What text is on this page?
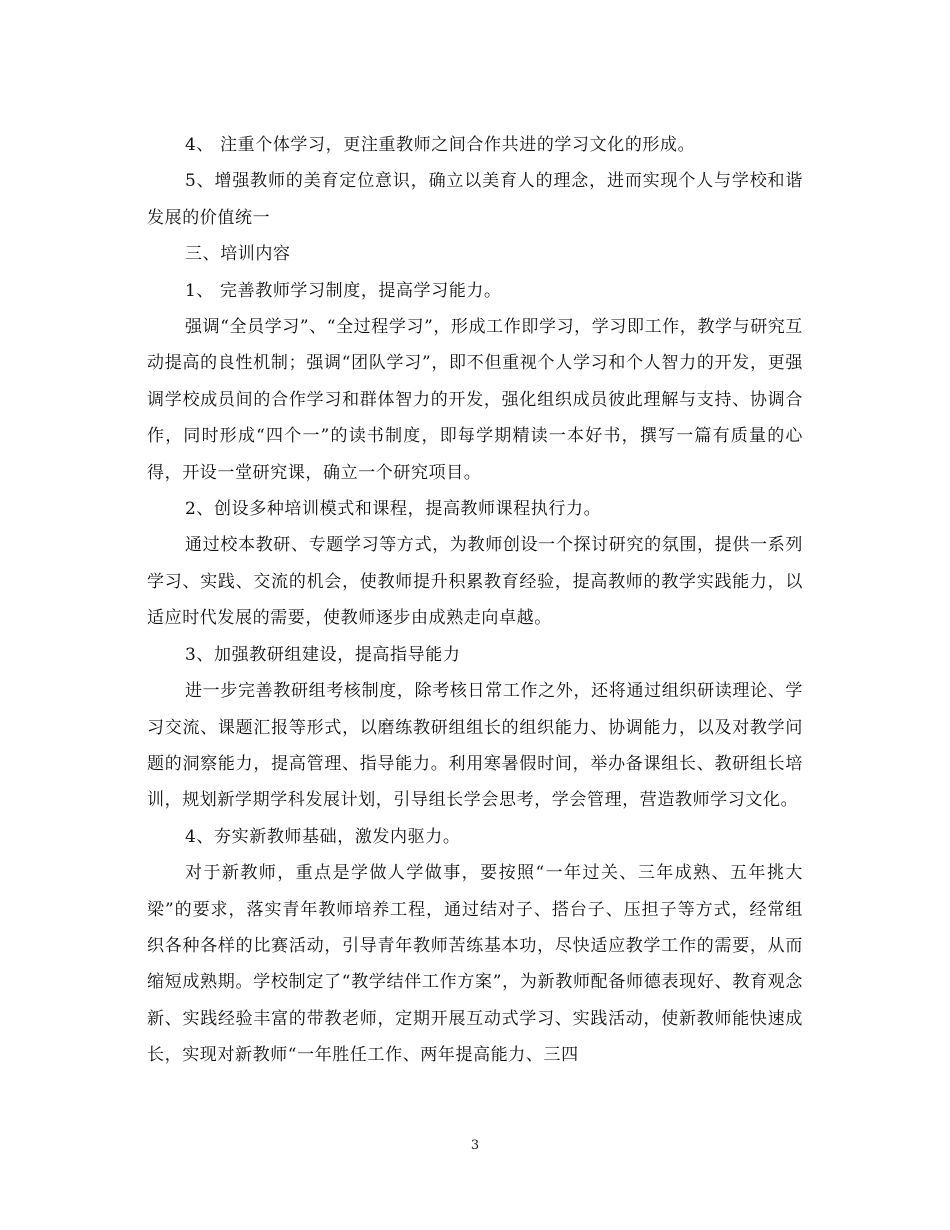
4、 注重个体学习，更注重教师之间合作共进的学习文化的形成。

5、增强教师的美育定位意识，确立以美育人的理念，进而实现个人与学校和谐发展的价值统一

三、培训内容

1、 完善教师学习制度，提高学习能力。

强调“全员学习”、“全过程学习”，形成工作即学习，学习即工作，教学与研究互动提高的良性机制；强调“团队学习”，即不但重视个人学习和个人智力的开发，更强调学校成员间的合作学习和群体智力的开发，强化组织成员彼此理解与支持、协调合作，同时形成“四个一”的读书制度，即每学期精读一本好书，撰写一篇有质量的心得，开设一堂研究课，确立一个研究项目。

2、创设多种培训模式和课程，提高教师课程执行力。

通过校本教研、专题学习等方式，为教师创设一个探讨研究的氛围，提供一系列学习、实践、交流的机会，使教师提升积累教育经验，提高教师的教学实践能力，以适应时代发展的需要，使教师逐步由成熟走向卓越。

3、加强教研组建设，提高指导能力

进一步完善教研组考核制度，除考核日常工作之外，还将通过组织研读理论、学习交流、课题汇报等形式，以磨练教研组组长的组织能力、协调能力，以及对教学问题的洞察能力，提高管理、指导能力。利用寒暑假时间，举办备课组长、教研组长培训，规划新学期学科发展计划，引导组长学会思考，学会管理，营造教师学习文化。

4、夯实新教师基础，激发内驱力。

对于新教师，重点是学做人学做事，要按照“一年过关、三年成熟、五年挑大梁”的要求，落实青年教师培养工程，通过结对子、搭台子、压担子等方式，经常组织各种各样的比赛活动，引导青年教师苦练基本功，尽快适应教学工作的需要，从而缩短成熟期。学校制定了“教学结伴工作方案”，为新教师配备师德表现好、教育观念新、实践经验丰富的带教老师，定期开展互动式学习、实践活动，使新教师能快速成长，实现对新教师“一年胜任工作、两年提高能力、三四

3
